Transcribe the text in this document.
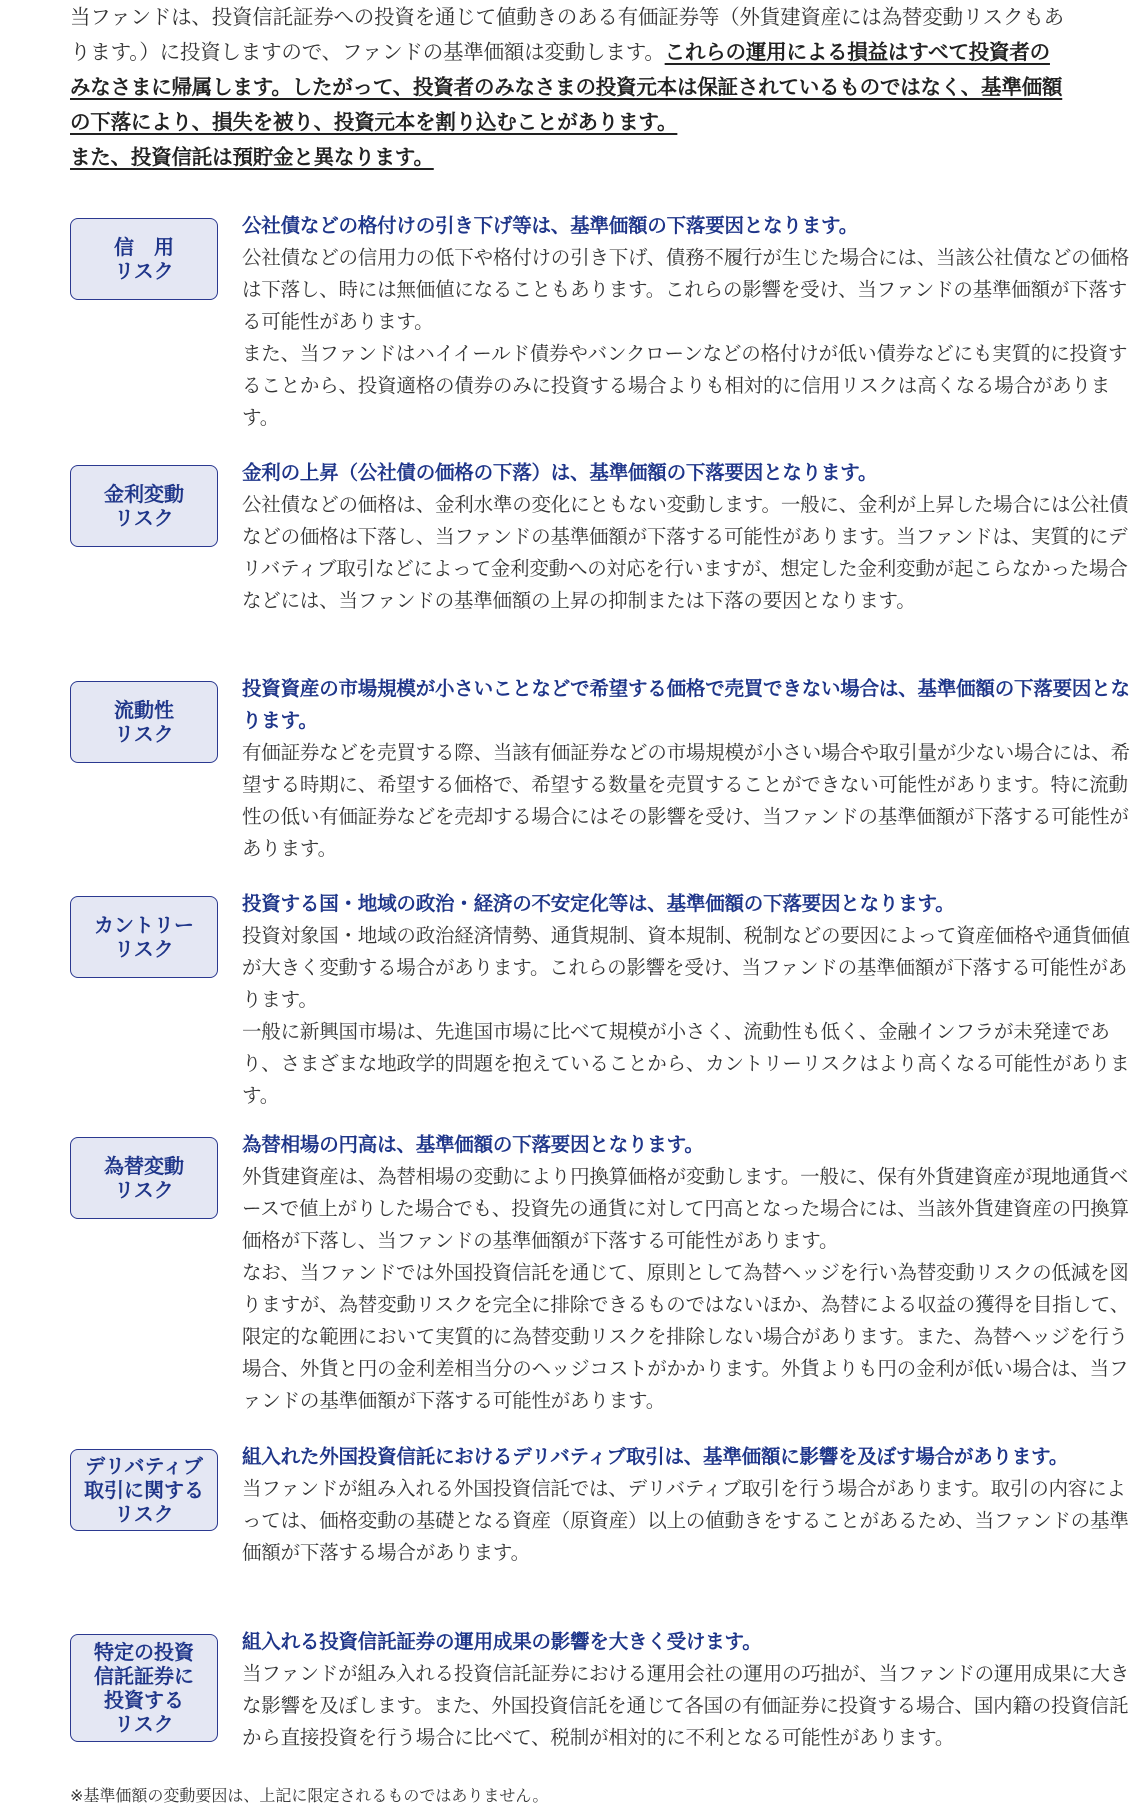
当ファンドは、投資信託証券への投資を通じて値動きのある有価証券等（外貨建資産には為替変動リスクもあります。）に投資しますので、ファンドの基準価額は変動します。これらの運用による損益はすべて投資者のみなさまに帰属します。したがって、投資者のみなさまの投資元本は保証されているものではなく、基準価額の下落により、損失を被り、投資元本を割り込むことがあります。
また、投資信託は預貯金と異なります。
信　用
リスク
公社債などの格付けの引き下げ等は、基準価額の下落要因となります。

公社債などの信用力の低下や格付けの引き下げ、債務不履行が生じた場合には、当該公社債などの価格は下落し、時には無価値になることもあります。これらの影響を受け、当ファンドの基準価額が下落する可能性があります。

また、当ファンドはハイイールド債券やバンクローンなどの格付けが低い債券などにも実質的に投資することから、投資適格の債券のみに投資する場合よりも相対的に信用リスクは高くなる場合があります。

金利変動
リスク
金利の上昇（公社債の価格の下落）は、基準価額の下落要因となります。

公社債などの価格は、金利水準の変化にともない変動します。一般に、金利が上昇した場合には公社債などの価格は下落し、当ファンドの基準価額が下落する可能性があります。当ファンドは、実質的にデリバティブ取引などによって金利変動への対応を行いますが、想定した金利変動が起こらなかった場合などには、当ファンドの基準価額の上昇の抑制または下落の要因となります。

流動性
リスク
投資資産の市場規模が小さいことなどで希望する価格で売買できない場合は、基準価額の下落要因となります。

有価証券などを売買する際、当該有価証券などの市場規模が小さい場合や取引量が少ない場合には、希望する時期に、希望する価格で、希望する数量を売買することができない可能性があります。特に流動性の低い有価証券などを売却する場合にはその影響を受け、当ファンドの基準価額が下落する可能性があります。

カントリー
リスク
投資する国・地域の政治・経済の不安定化等は、基準価額の下落要因となります。

投資対象国・地域の政治経済情勢、通貨規制、資本規制、税制などの要因によって資産価格や通貨価値が大きく変動する場合があります。これらの影響を受け、当ファンドの基準価額が下落する可能性があります。

一般に新興国市場は、先進国市場に比べて規模が小さく、流動性も低く、金融インフラが未発達であり、さまざまな地政学的問題を抱えていることから、カントリーリスクはより高くなる可能性があります。

為替変動
リスク
為替相場の円高は、基準価額の下落要因となります。

外貨建資産は、為替相場の変動により円換算価格が変動します。一般に、保有外貨建資産が現地通貨ベースで値上がりした場合でも、投資先の通貨に対して円高となった場合には、当該外貨建資産の円換算価格が下落し、当ファンドの基準価額が下落する可能性があります。

なお、当ファンドでは外国投資信託を通じて、原則として為替ヘッジを行い為替変動リスクの低減を図りますが、為替変動リスクを完全に排除できるものではないほか、為替による収益の獲得を目指して、限定的な範囲において実質的に為替変動リスクを排除しない場合があります。また、為替ヘッジを行う場合、外貨と円の金利差相当分のヘッジコストがかかります。外貨よりも円の金利が低い場合は、当ファンドの基準価額が下落する可能性があります。

デリバティブ
取引に関する
リスク
組入れた外国投資信託におけるデリバティブ取引は、基準価額に影響を及ぼす場合があります。

当ファンドが組み入れる外国投資信託では、デリバティブ取引を行う場合があります。取引の内容によっては、価格変動の基礎となる資産（原資産）以上の値動きをすることがあるため、当ファンドの基準価額が下落する場合があります。

特定の投資
信託証券に
投資する
リスク
組入れる投資信託証券の運用成果の影響を大きく受けます。

当ファンドが組み入れる投資信託証券における運用会社の運用の巧拙が、当ファンドの運用成果に大きな影響を及ぼします。また、外国投資信託を通じて各国の有価証券に投資する場合、国内籍の投資信託から直接投資を行う場合に比べて、税制が相対的に不利となる可能性があります。

※基準価額の変動要因は、上記に限定されるものではありません。
